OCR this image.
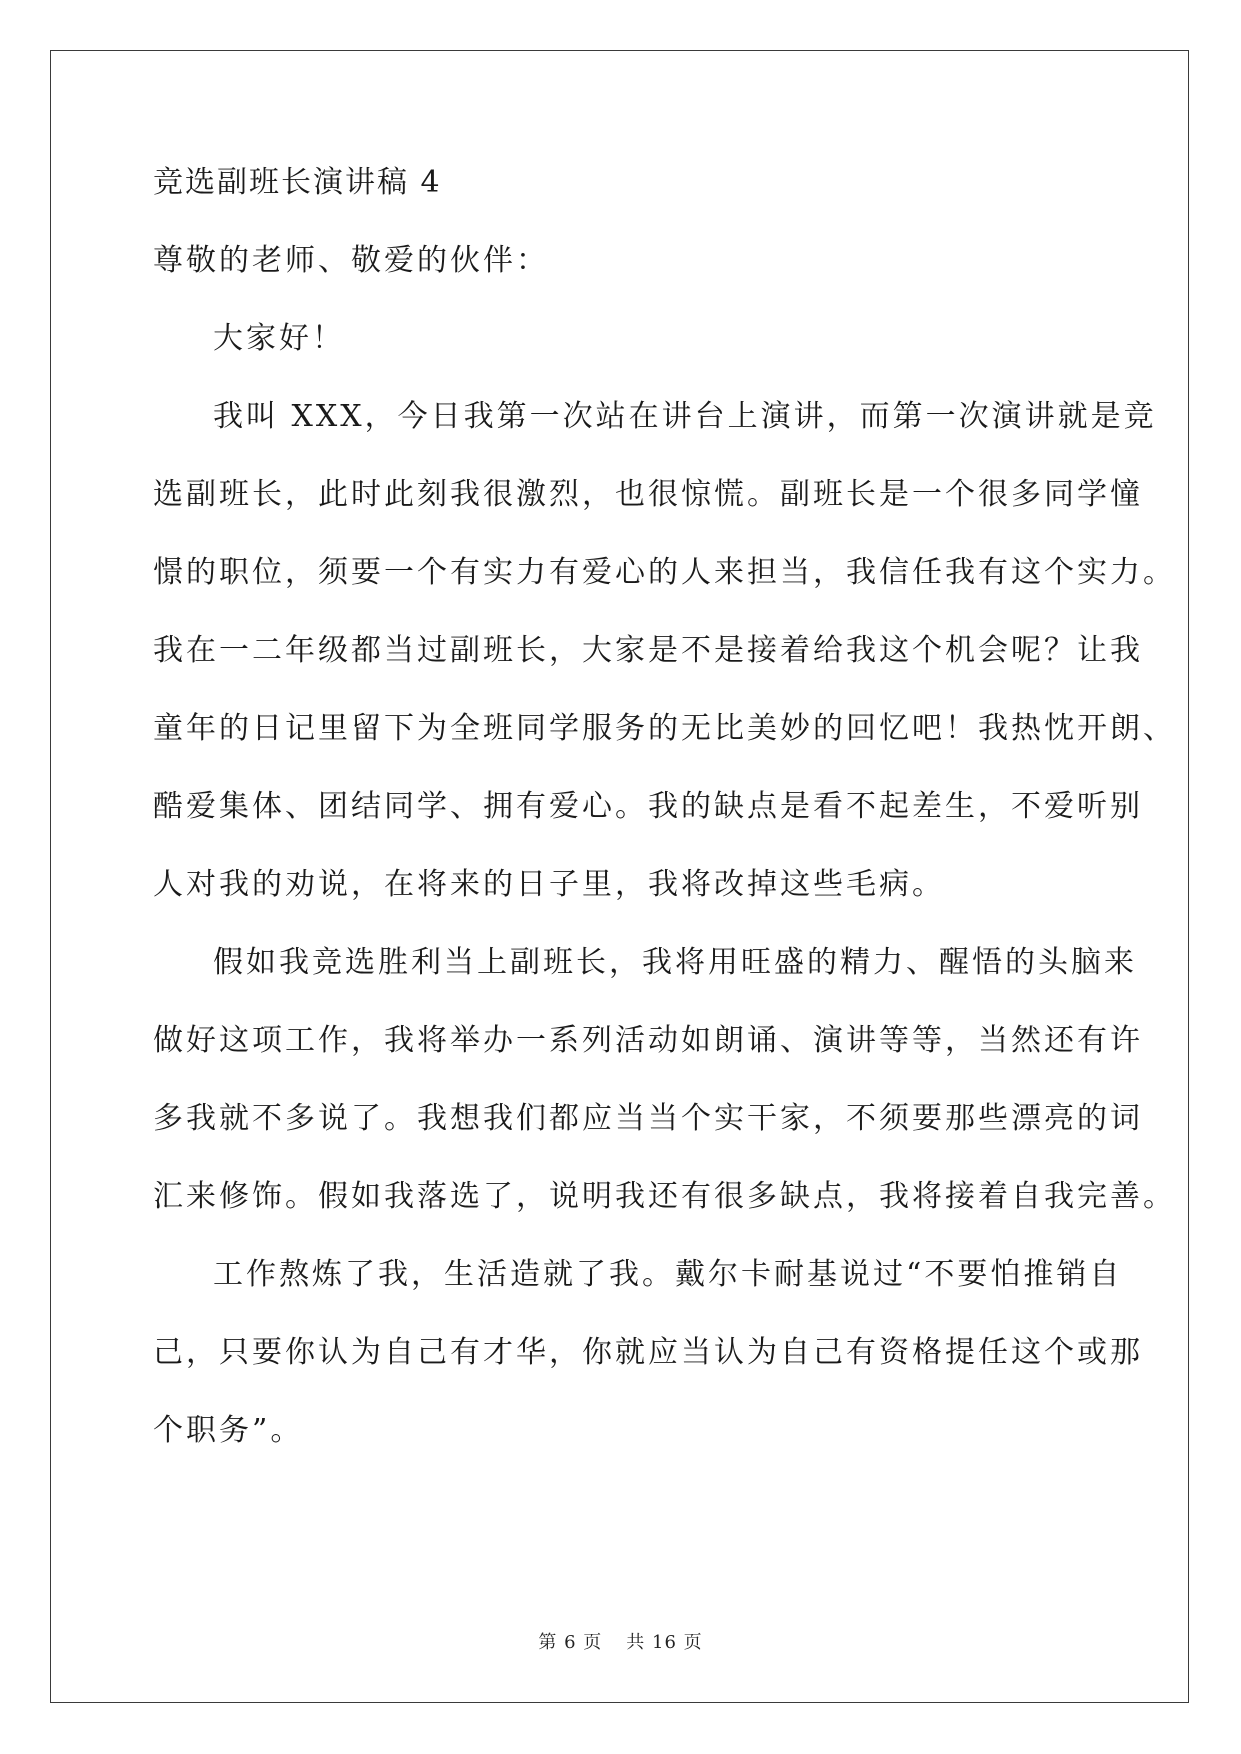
竞选副班长演讲稿 4
尊敬的老师、敬爱的伙伴：
大家好！
我叫 XXX，今日我第一次站在讲台上演讲，而第一次演讲就是竞
选副班长，此时此刻我很激烈，也很惊慌。副班长是一个很多同学憧
憬的职位，须要一个有实力有爱心的人来担当，我信任我有这个实力。
我在一二年级都当过副班长，大家是不是接着给我这个机会呢？让我
童年的日记里留下为全班同学服务的无比美妙的回忆吧！我热忱开朗、
酷爱集体、团结同学、拥有爱心。我的缺点是看不起差生，不爱听别
人对我的劝说，在将来的日子里，我将改掉这些毛病。
假如我竞选胜利当上副班长，我将用旺盛的精力、醒悟的头脑来
做好这项工作，我将举办一系列活动如朗诵、演讲等等，当然还有许
多我就不多说了。我想我们都应当当个实干家，不须要那些漂亮的词
汇来修饰。假如我落选了，说明我还有很多缺点，我将接着自我完善。
工作熬炼了我，生活造就了我。戴尔卡耐基说过“不要怕推销自
己，只要你认为自己有才华，你就应当认为自己有资格提任这个或那
个职务”。
第 6 页 共 16 页
